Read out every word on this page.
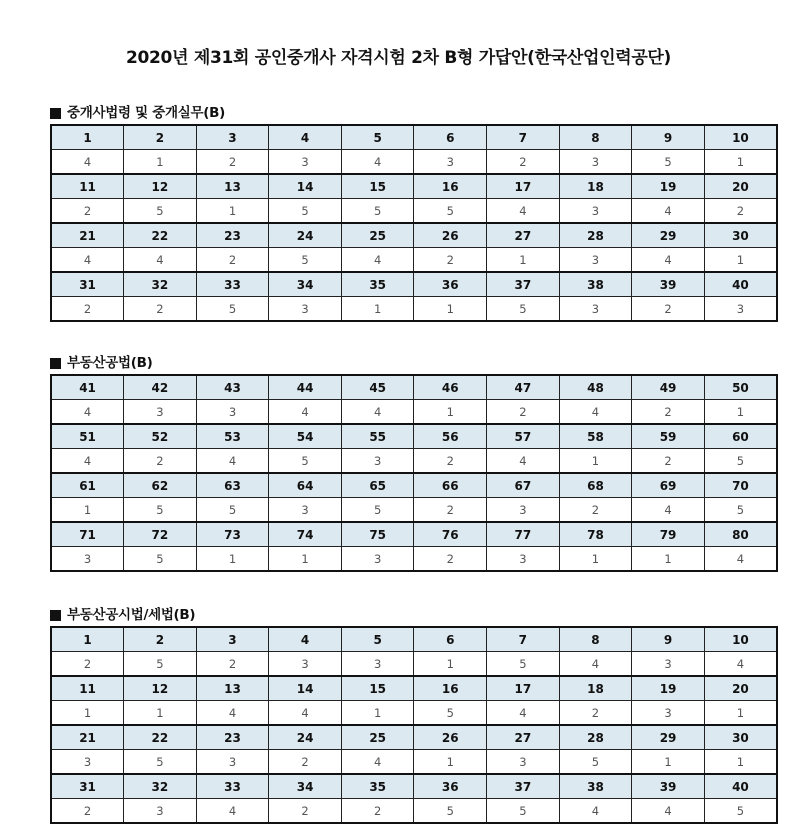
2020년 제31회 공인중개사 자격시험 2차 B형 가답안(한국산업인력공단)
중개사법령 및 중개실무(B)
1	2	3	4	5	6	7	8	9	10
4	1	2	3	4	3	2	3	5	1
11	12	13	14	15	16	17	18	19	20
2	5	1	5	5	5	4	3	4	2
21	22	23	24	25	26	27	28	29	30
4	4	2	5	4	2	1	3	4	1
31	32	33	34	35	36	37	38	39	40
2	2	5	3	1	1	5	3	2	3
부동산공법(B)
41	42	43	44	45	46	47	48	49	50
4	3	3	4	4	1	2	4	2	1
51	52	53	54	55	56	57	58	59	60
4	2	4	5	3	2	4	1	2	5
61	62	63	64	65	66	67	68	69	70
1	5	5	3	5	2	3	2	4	5
71	72	73	74	75	76	77	78	79	80
3	5	1	1	3	2	3	1	1	4
부동산공시법/세법(B)
1	2	3	4	5	6	7	8	9	10
2	5	2	3	3	1	5	4	3	4
11	12	13	14	15	16	17	18	19	20
1	1	4	4	1	5	4	2	3	1
21	22	23	24	25	26	27	28	29	30
3	5	3	2	4	1	3	5	1	1
31	32	33	34	35	36	37	38	39	40
2	3	4	2	2	5	5	4	4	5
